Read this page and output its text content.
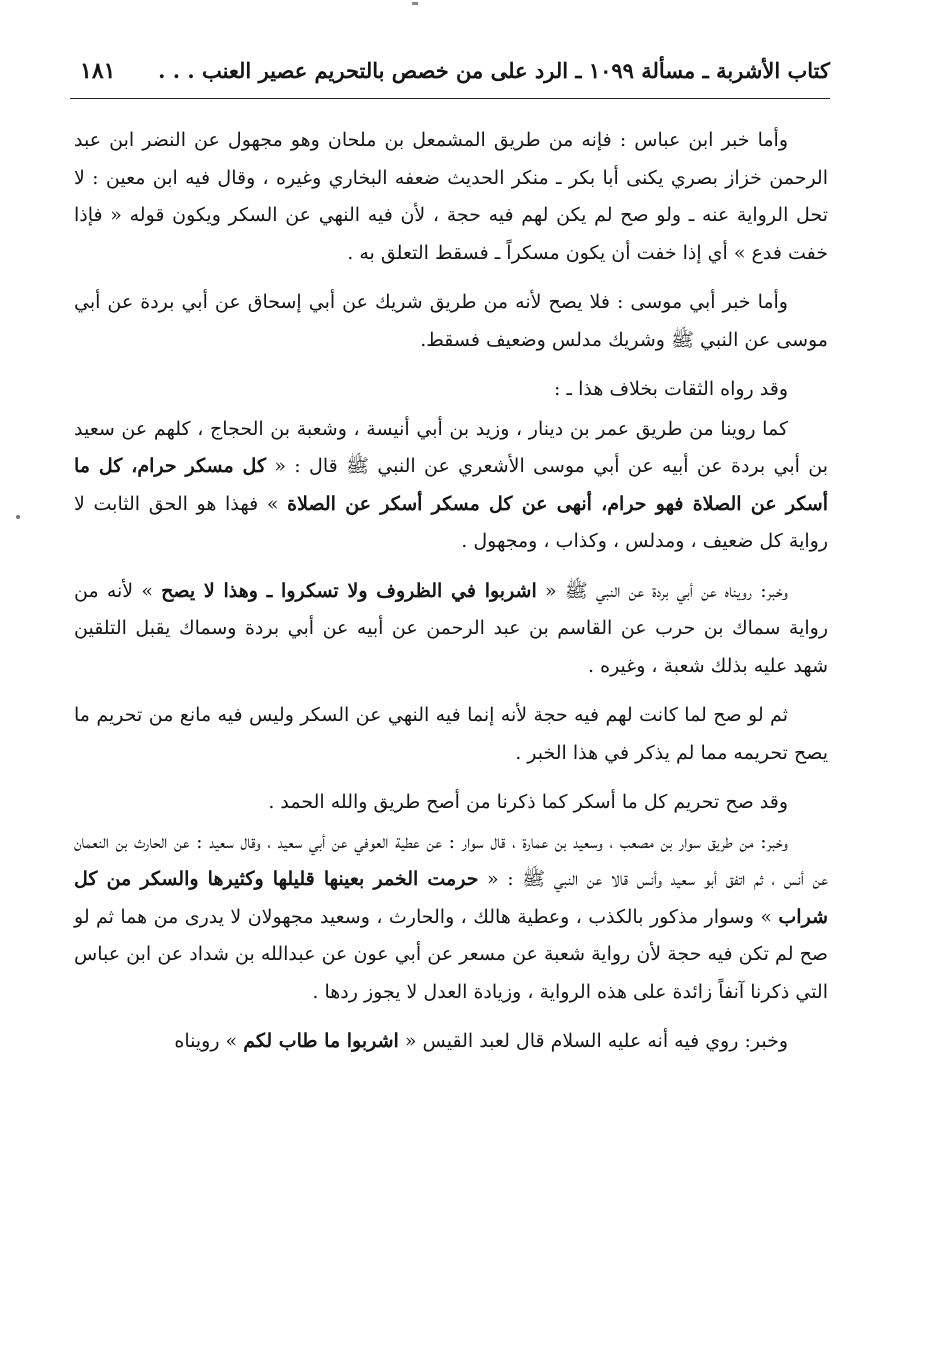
كتاب الأشربة ـ مسألة ١٠٩٩ ـ الرد على من خصص بالتحريم عصير العنب . . .
١٨١

وأما خبر ابن عباس : فإنه من طريق المشمعل بن ملحان وهو مجهول عن النضر ابن عبد الرحمن خزاز بصري يكنى أبا بكر ـ منكر الحديث ضعفه البخاري وغيره ، وقال فيه ابن معين : لا تحل الرواية عنه ـ ولو صح لم يكن لهم فيه حجة ، لأن فيه النهي عن السكر ويكون قوله « فإذا خفت فدع » أي إذا خفت أن يكون مسكراً ـ فسقط التعلق به .

وأما خبر أبي موسى : فلا يصح لأنه من طريق شريك عن أبي إسحاق عن أبي بردة عن أبي موسى عن النبي ﷺ وشريك مدلس وضعيف فسقط.

وقد رواه الثقات بخلاف هذا ـ :

كما روينا من طريق عمر بن دينار ، وزيد بن أبي أنيسة ، وشعبة بن الحجاج ، كلهم عن سعيد بن أبي بردة عن أبيه عن أبي موسى الأشعري عن النبي ﷺ قال : « كل مسكر حرام، كل ما أسكر عن الصلاة فهو حرام، أنهى عن كل مسكر أسكر عن الصلاة » فهذا هو الحق الثابت لا رواية كل ضعيف ، ومدلس ، وكذاب ، ومجهول .

وخبر: رويناه عن أبي بردة عن النبي ﷺ « اشربوا في الظروف ولا تسكروا ـ وهذا لا يصح » لأنه من رواية سماك بن حرب عن القاسم بن عبد الرحمن عن أبيه عن أبي بردة وسماك يقبل التلقين شهد عليه بذلك شعبة ، وغيره .

ثم لو صح لما كانت لهم فيه حجة لأنه إنما فيه النهي عن السكر وليس فيه مانع من تحريم ما يصح تحريمه مما لم يذكر في هذا الخبر .

وقد صح تحريم كل ما أسكر كما ذكرنا من أصح طريق والله الحمد .

وخبر: من طريق سوار بن مصعب ، وسعيد بن عمارة ، قال سوار : عن عطية العوفي عن أبي سعيد ، وقال سعيد : عن الحارث بن النعمان عن أنس ، ثم اتفق أبو سعيد وأنس قالا عن النبي ﷺ : « حرمت الخمر بعينها قليلها وكثيرها والسكر من كل شراب » وسوار مذكور بالكذب ، وعطية هالك ، والحارث ، وسعيد مجهولان لا يدرى من هما ثم لو صح لم تكن فيه حجة لأن رواية شعبة عن مسعر عن أبي عون عن عبدالله بن شداد عن ابن عباس التي ذكرنا آنفاً زائدة على هذه الرواية ، وزيادة العدل لا يجوز ردها .

وخبر: روي فيه أنه عليه السلام قال لعبد القيس « اشربوا ما طاب لكم » رويناه
